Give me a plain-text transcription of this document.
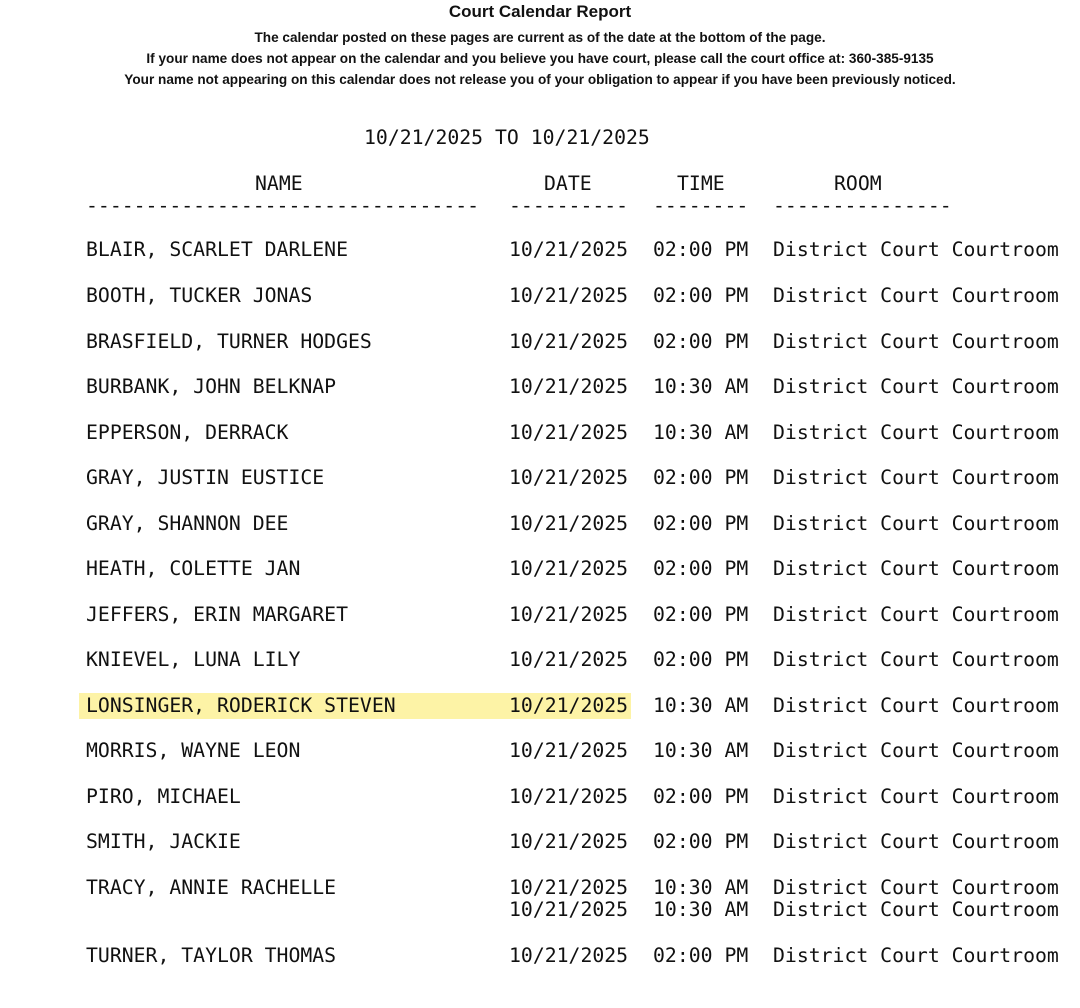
Court Calendar Report
The calendar posted on these pages are current as of the date at the bottom of the page.
If your name does not appear on the calendar and you believe you have court, please call the court office at: 360-385-9135
Your name not appearing on this calendar does not release you of your obligation to appear if you have been previously noticed.
10/21/2025 TO 10/21/2025
NAME	DATE	TIME	ROOM
--------------------------------- ---------- -------- ---------------
BLAIR, SCARLET DARLENE	10/21/2025 02:00 PM District Court Courtroom
BOOTH, TUCKER JONAS	10/21/2025 02:00 PM District Court Courtroom
BRASFIELD, TURNER HODGES	10/21/2025 02:00 PM District Court Courtroom
BURBANK, JOHN BELKNAP	10/21/2025 10:30 AM District Court Courtroom
EPPERSON, DERRACK	10/21/2025 10:30 AM District Court Courtroom
GRAY, JUSTIN EUSTICE	10/21/2025 02:00 PM District Court Courtroom
GRAY, SHANNON DEE	10/21/2025 02:00 PM District Court Courtroom
HEATH, COLETTE JAN	10/21/2025 02:00 PM District Court Courtroom
JEFFERS, ERIN MARGARET	10/21/2025 02:00 PM District Court Courtroom
KNIEVEL, LUNA LILY	10/21/2025 02:00 PM District Court Courtroom
LONSINGER, RODERICK STEVEN	10/21/2025 10:30 AM District Court Courtroom
MORRIS, WAYNE LEON	10/21/2025 10:30 AM District Court Courtroom
PIRO, MICHAEL	10/21/2025 02:00 PM District Court Courtroom
SMITH, JACKIE	10/21/2025 02:00 PM District Court Courtroom
TRACY, ANNIE RACHELLE	10/21/2025 10:30 AM District Court Courtroom
10/21/2025 10:30 AM District Court Courtroom
TURNER, TAYLOR THOMAS	10/21/2025 02:00 PM District Court Courtroom
